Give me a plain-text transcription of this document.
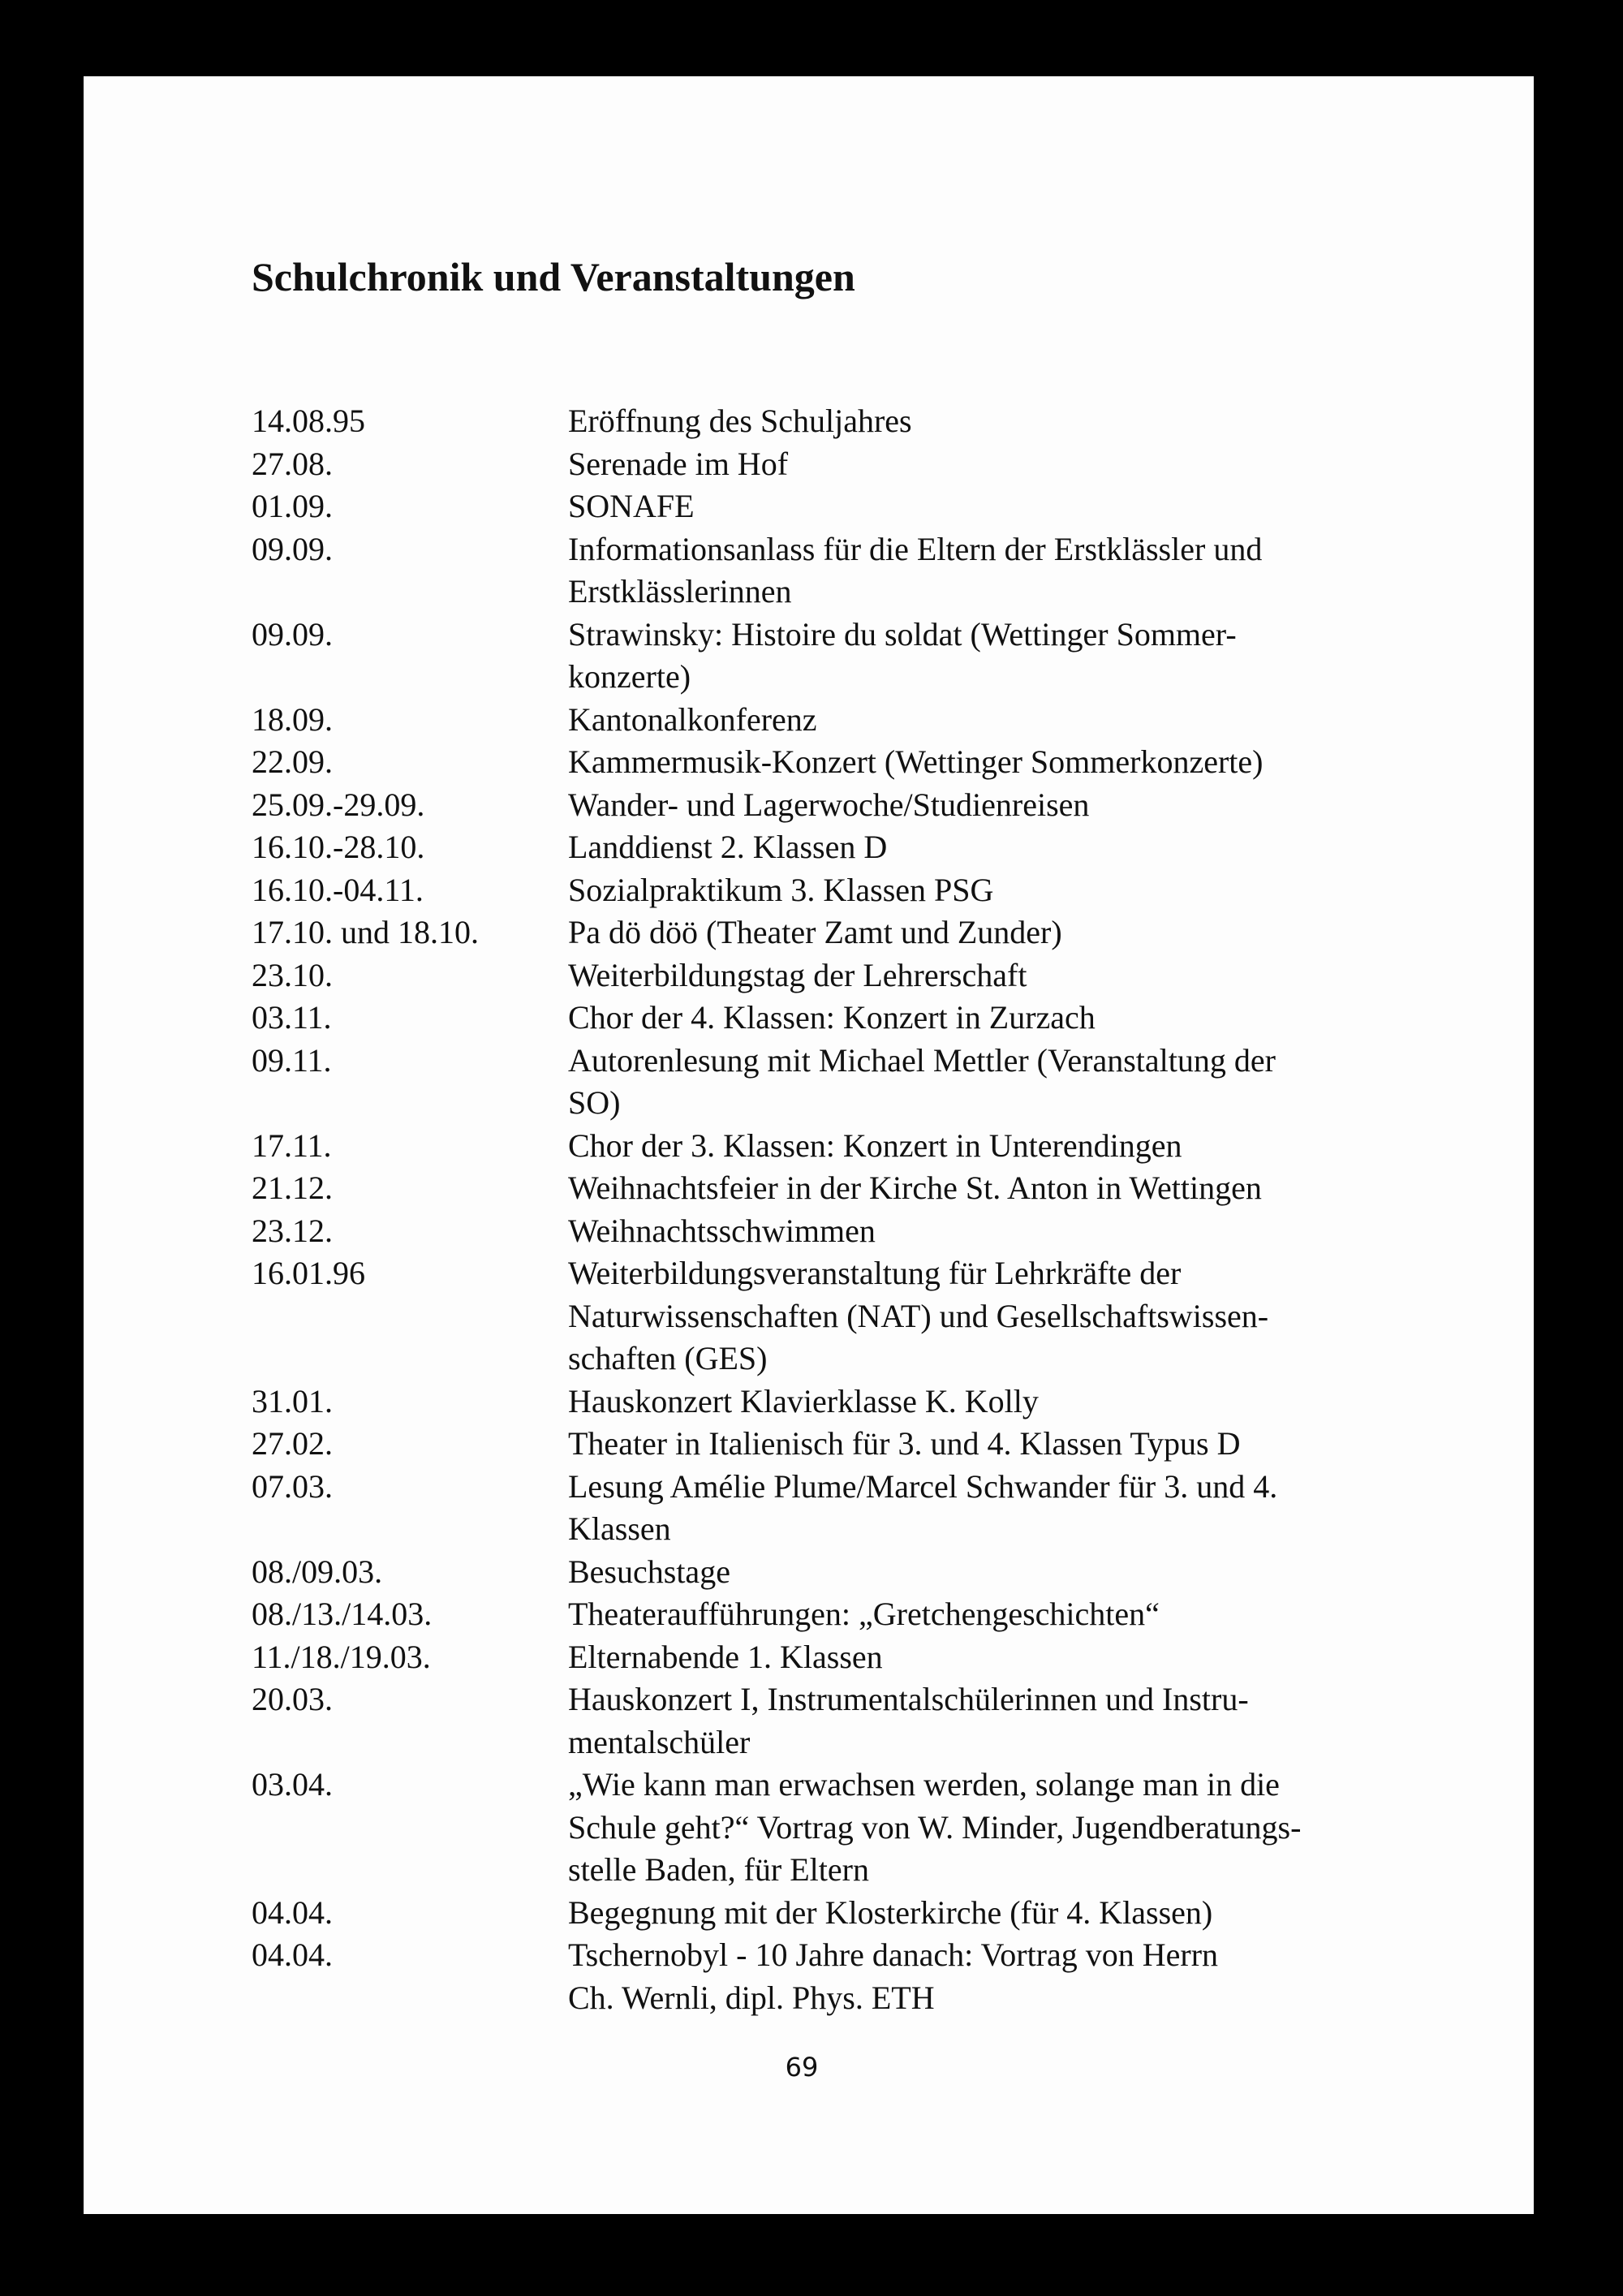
Schulchronik und Veranstaltungen
14.08.95	Eröffnung des Schuljahres
27.08.	Serenade im Hof
01.09.	SONAFE
09.09.	Informationsanlass für die Eltern der Erstklässler und
Erstklässlerinnen
09.09.	Strawinsky: Histoire du soldat (Wettinger Sommer-
konzerte)
18.09.	Kantonalkonferenz
22.09.	Kammermusik-Konzert (Wettinger Sommerkonzerte)
25.09.-29.09.	Wander- und Lagerwoche/Studienreisen
16.10.-28.10.	Landdienst 2. Klassen D
16.10.-04.11.	Sozialpraktikum 3. Klassen PSG
17.10. und 18.10.	Pa dö döö (Theater Zamt und Zunder)
23.10.	Weiterbildungstag der Lehrerschaft
03.11.	Chor der 4. Klassen: Konzert in Zurzach
09.11.	Autorenlesung mit Michael Mettler (Veranstaltung der
SO)
17.11.	Chor der 3. Klassen: Konzert in Unterendingen
21.12.	Weihnachtsfeier in der Kirche St. Anton in Wettingen
23.12.	Weihnachtsschwimmen
16.01.96	Weiterbildungsveranstaltung für Lehrkräfte der
Naturwissenschaften (NAT) und Gesellschaftswissen-
schaften (GES)
31.01.	Hauskonzert Klavierklasse K. Kolly
27.02.	Theater in Italienisch für 3. und 4. Klassen Typus D
07.03.	Lesung Amélie Plume/Marcel Schwander für 3. und 4.
Klassen
08./09.03.	Besuchstage
08./13./14.03.	Theateraufführungen: „Gretchengeschichten“
11./18./19.03.	Elternabende 1. Klassen
20.03.	Hauskonzert I, Instrumentalschülerinnen und Instru-
mentalschüler
03.04.	„Wie kann man erwachsen werden, solange man in die
Schule geht?“ Vortrag von W. Minder, Jugendberatungs-
stelle Baden, für Eltern
04.04.	Begegnung mit der Klosterkirche (für 4. Klassen)
04.04.	Tschernobyl - 10 Jahre danach: Vortrag von Herrn
Ch. Wernli, dipl. Phys. ETH
69
